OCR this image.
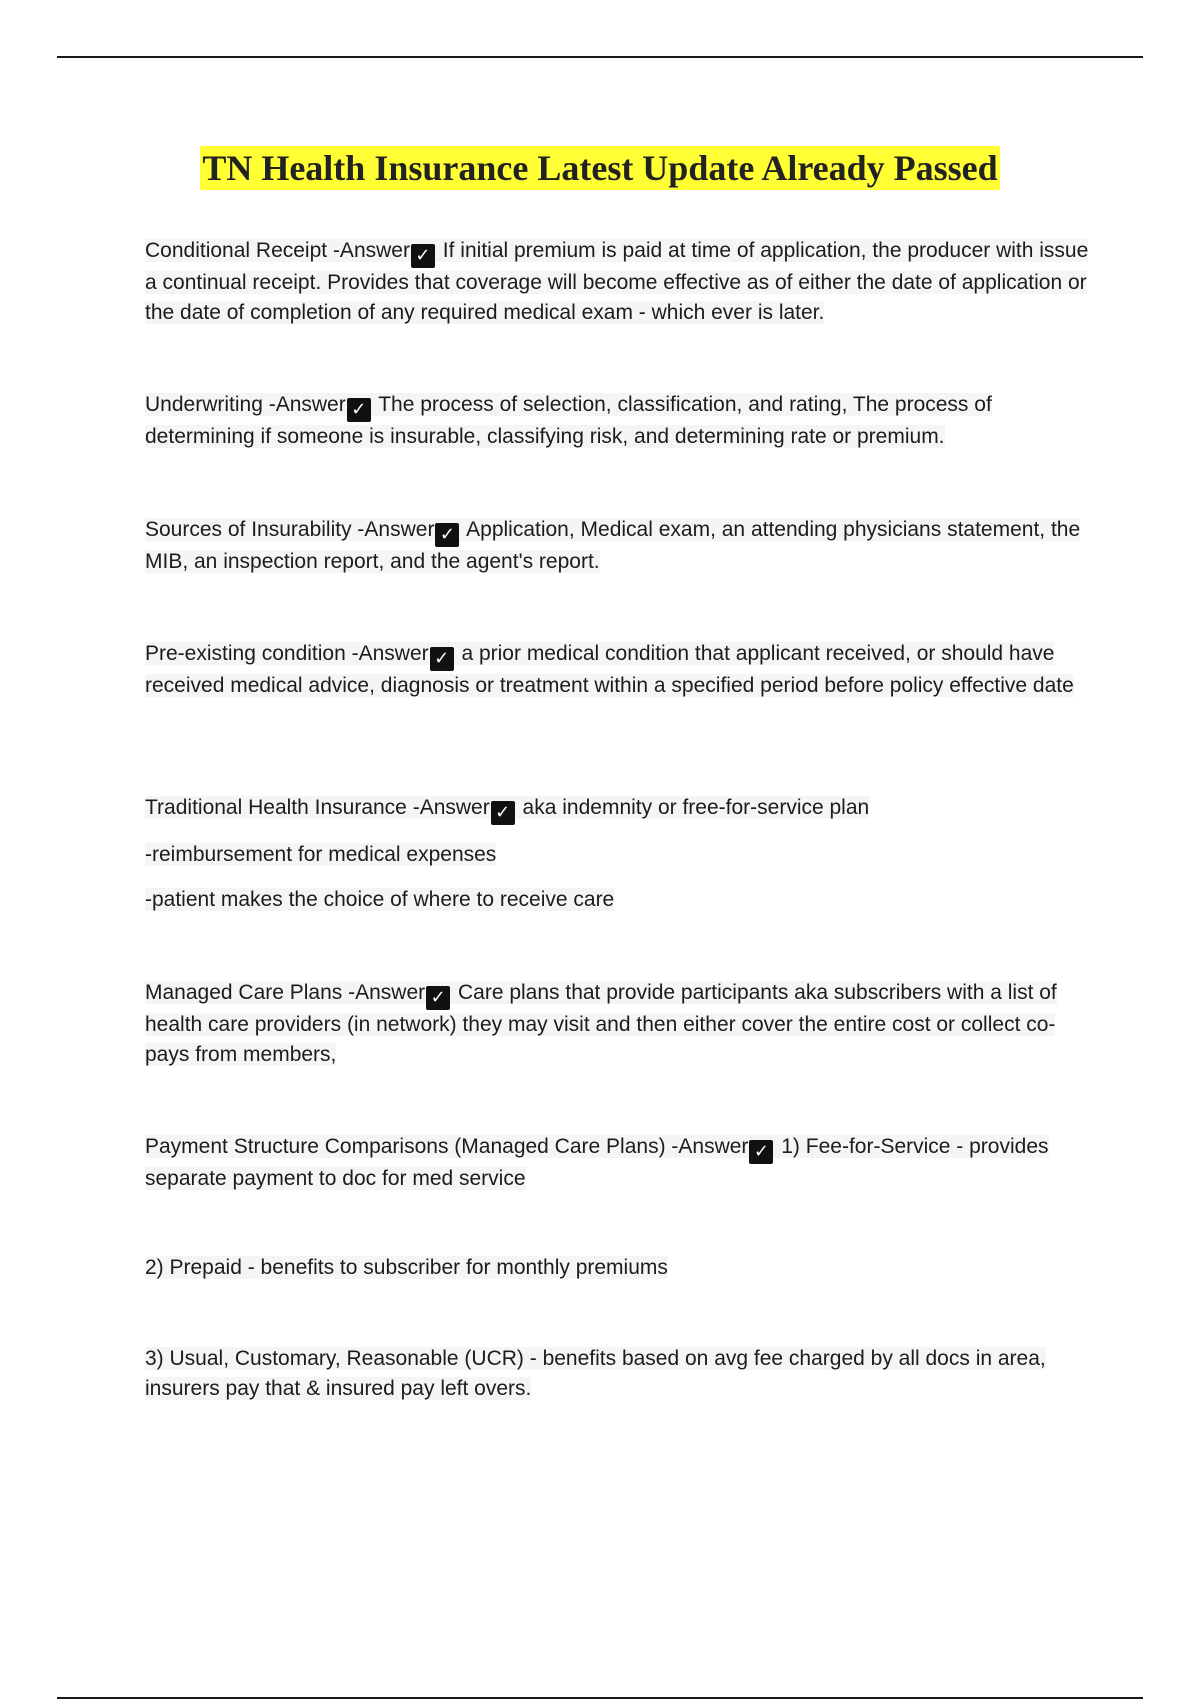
TN Health Insurance Latest Update Already Passed

Conditional Receipt -Answer ✓ If initial premium is paid at time of application, the producer with issue a continual receipt. Provides that coverage will become effective as of either the date of application or the date of completion of any required medical exam - which ever is later.

Underwriting -Answer ✓ The process of selection, classification, and rating, The process of determining if someone is insurable, classifying risk, and determining rate or premium.

Sources of Insurability -Answer ✓ Application, Medical exam, an attending physicians statement, the MIB, an inspection report, and the agent's report.

Pre-existing condition -Answer ✓ a prior medical condition that applicant received, or should have received medical advice, diagnosis or treatment within a specified period before policy effective date

Traditional Health Insurance -Answer ✓ aka indemnity or free-for-service plan

-reimbursement for medical expenses

-patient makes the choice of where to receive care

Managed Care Plans -Answer ✓ Care plans that provide participants aka subscribers with a list of health care providers (in network) they may visit and then either cover the entire cost or collect co-pays from members,

Payment Structure Comparisons (Managed Care Plans) -Answer ✓ 1) Fee-for-Service - provides separate payment to doc for med service

2) Prepaid - benefits to subscriber for monthly premiums

3) Usual, Customary, Reasonable (UCR) - benefits based on avg fee charged by all docs in area, insurers pay that & insured pay left overs.
